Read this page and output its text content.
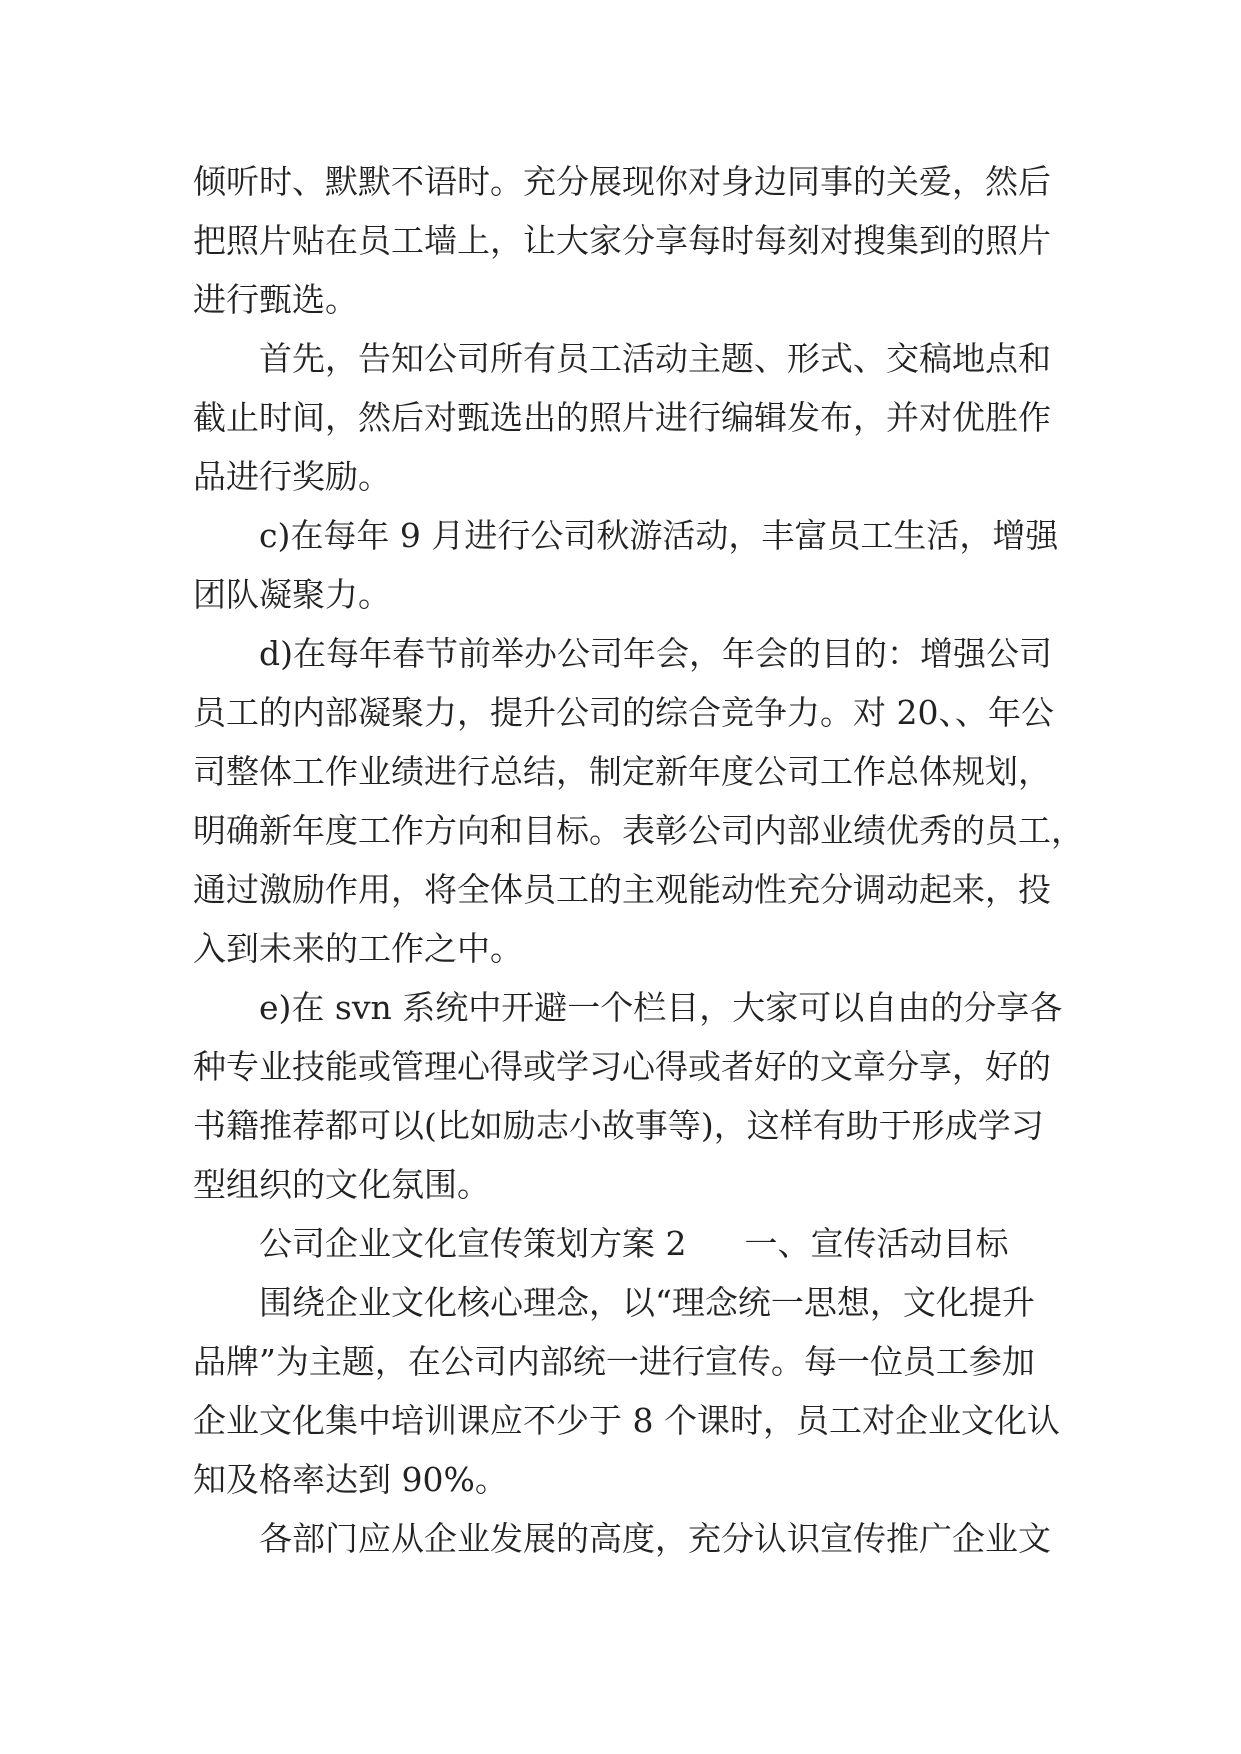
倾听时、默默不语时。充分展现你对身边同事的关爱，然后
把照片贴在员工墙上，让大家分享每时每刻对搜集到的照片
进行甄选。
首先，告知公司所有员工活动主题、形式、交稿地点和
截止时间，然后对甄选出的照片进行编辑发布，并对优胜作
品进行奖励。
c)在每年 9 月进行公司秋游活动，丰富员工生活，增强
团队凝聚力。
d)在每年春节前举办公司年会，年会的目的：增强公司
员工的内部凝聚力，提升公司的综合竞争力。对 20、、年公
司整体工作业绩进行总结，制定新年度公司工作总体规划，
明确新年度工作方向和目标。表彰公司内部业绩优秀的员工，
通过激励作用，将全体员工的主观能动性充分调动起来，投
入到未来的工作之中。
e)在 svn 系统中开避一个栏目，大家可以自由的分享各
种专业技能或管理心得或学习心得或者好的文章分享，好的
书籍推荐都可以(比如励志小故事等)，这样有助于形成学习
型组织的文化氛围。
公司企业文化宣传策划方案 2 一、宣传活动目标
围绕企业文化核心理念，以“理念统一思想，文化提升
品牌”为主题，在公司内部统一进行宣传。每一位员工参加
企业文化集中培训课应不少于 8 个课时，员工对企业文化认
知及格率达到 90%。
各部门应从企业发展的高度，充分认识宣传推广企业文
